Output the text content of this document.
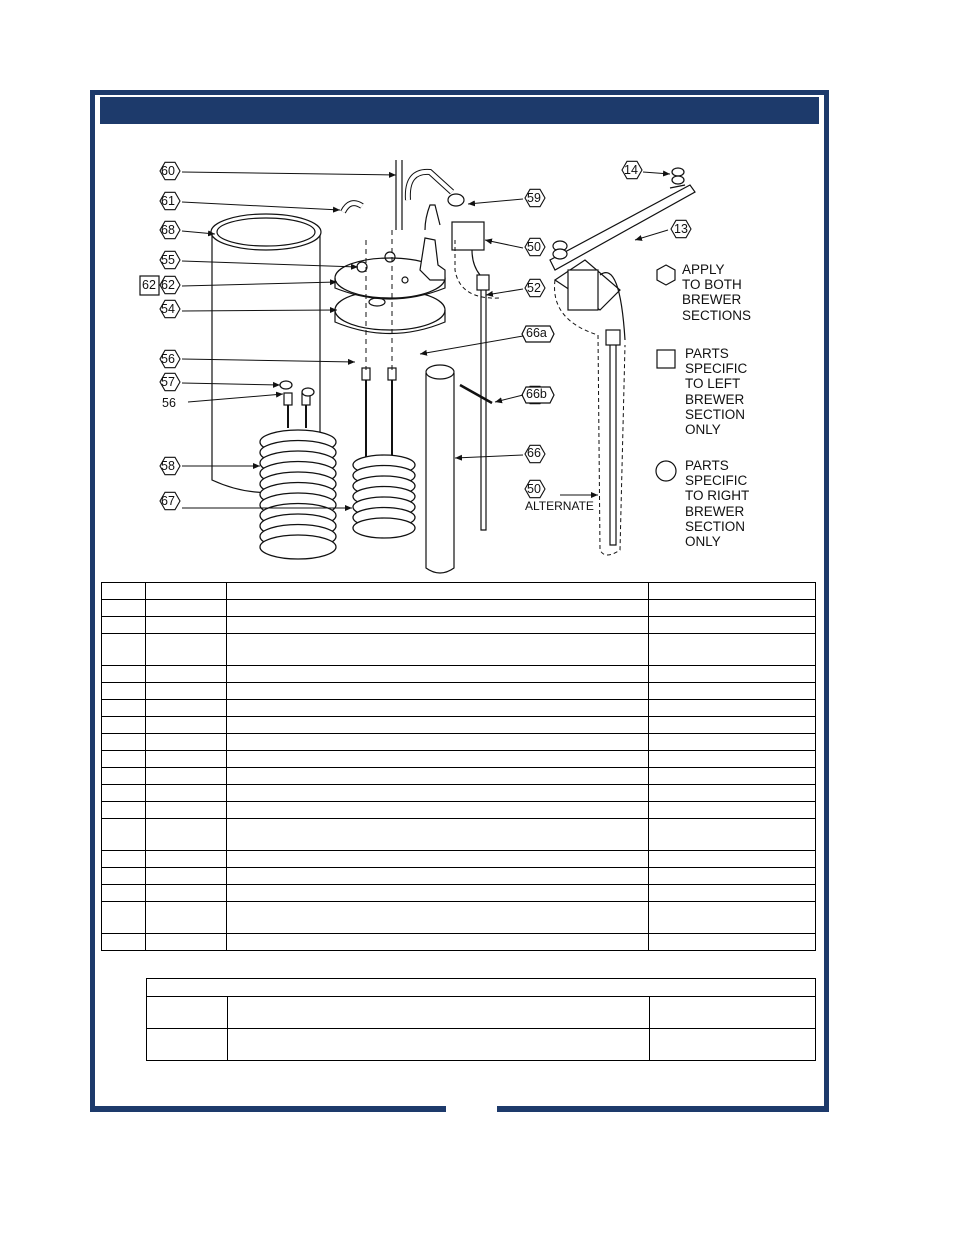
60
61
68
55
62 62
54
56
57
56
58
67
59
50
52
66a
66b
66
50
ALTERNATE
14
13
APPLY
TO BOTH
BREWER
SECTIONS
PARTS
SPECIFIC
TO LEFT
BREWER
SECTION
ONLY
PARTS
SPECIFIC
TO RIGHT
BREWER
SECTION
ONLY
